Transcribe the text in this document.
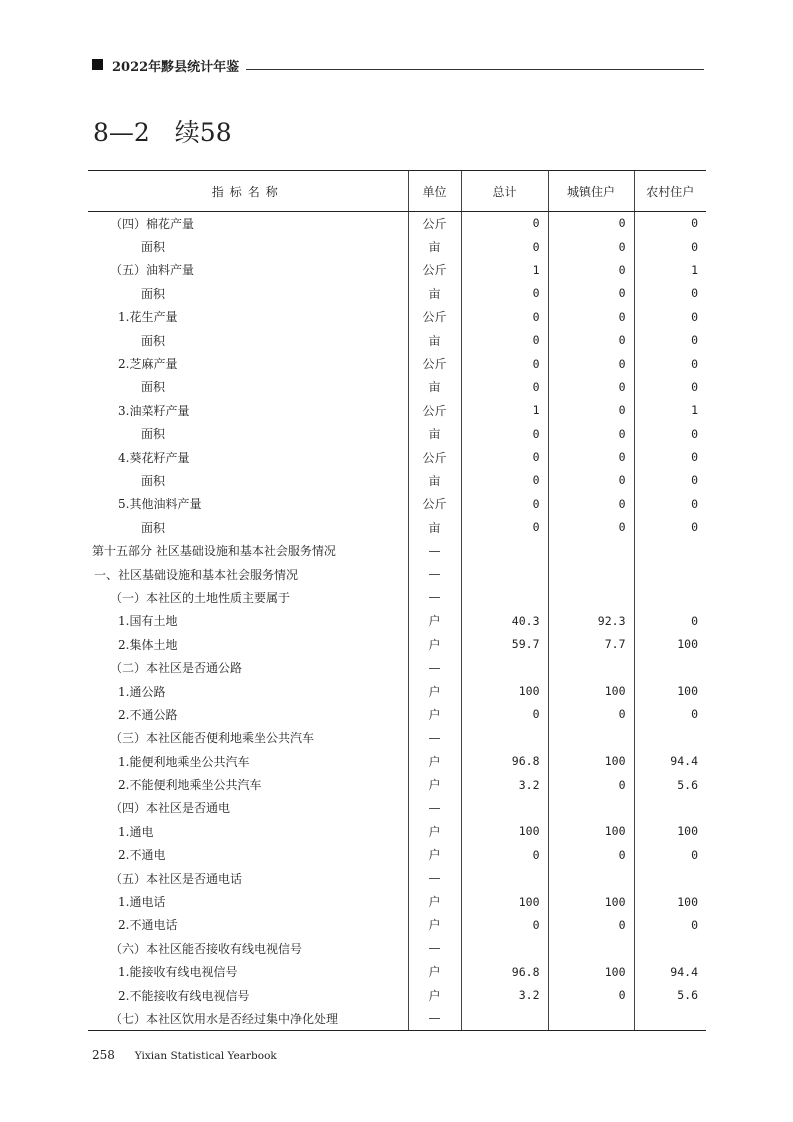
2022年黟县统计年鉴
8—2　续58
指标名称	单位	总计	城镇住户	农村住户
（四）棉花产量	公斤	0	0	0
面积	亩	0	0	0
（五）油料产量	公斤	1	0	1
面积	亩	0	0	0
1.花生产量	公斤	0	0	0
面积	亩	0	0	0
2.芝麻产量	公斤	0	0	0
面积	亩	0	0	0
3.油菜籽产量	公斤	1	0	1
面积	亩	0	0	0
4.葵花籽产量	公斤	0	0	0
面积	亩	0	0	0
5.其他油料产量	公斤	0	0	0
面积	亩	0	0	0
第十五部分 社区基础设施和基本社会服务情况	—			
一、社区基础设施和基本社会服务情况	—			
（一）本社区的土地性质主要属于	—			
1.国有土地	户	40.3	92.3	0
2.集体土地	户	59.7	7.7	100
（二）本社区是否通公路	—			
1.通公路	户	100	100	100
2.不通公路	户	0	0	0
（三）本社区能否便利地乘坐公共汽车	—			
1.能便利地乘坐公共汽车	户	96.8	100	94.4
2.不能便利地乘坐公共汽车	户	3.2	0	5.6
（四）本社区是否通电	—			
1.通电	户	100	100	100
2.不通电	户	0	0	0
（五）本社区是否通电话	—			
1.通电话	户	100	100	100
2.不通电话	户	0	0	0
（六）本社区能否接收有线电视信号	—			
1.能接收有线电视信号	户	96.8	100	94.4
2.不能接收有线电视信号	户	3.2	0	5.6
（七）本社区饮用水是否经过集中净化处理	—			
258 Yixian Statistical Yearbook
